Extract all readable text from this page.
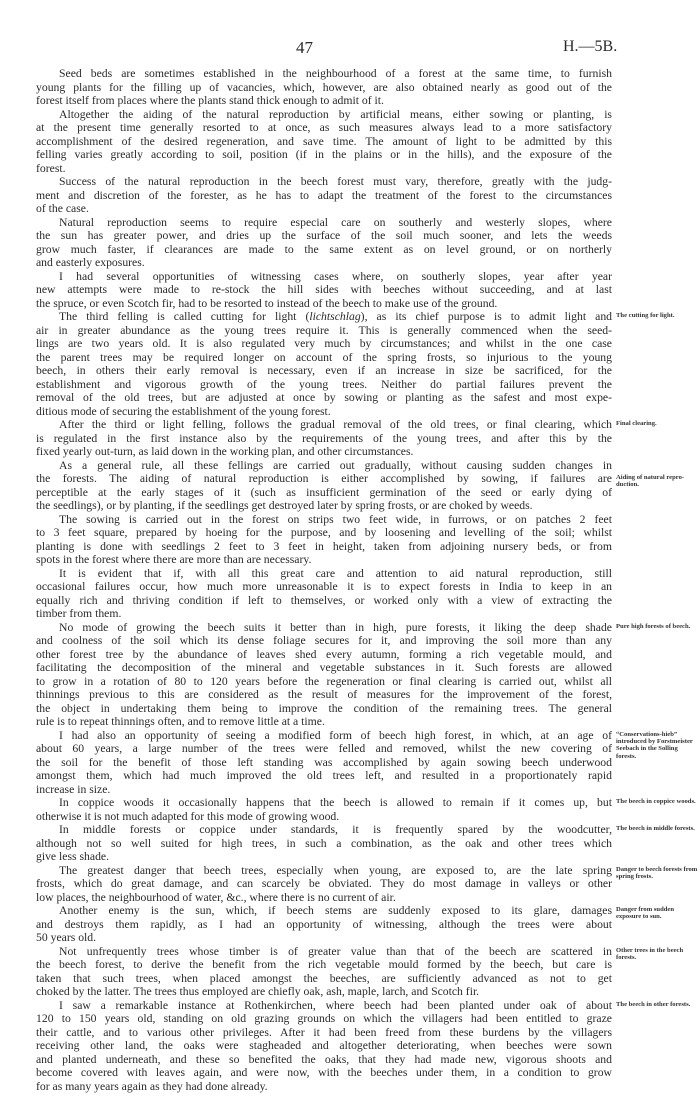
47	H.—5B.
Seed beds are sometimes established in the neighbourhood of a forest at the same time, to furnish
young plants for the filling up of vacancies, which, however, are also obtained nearly as good out of the
forest itself from places where the plants stand thick enough to admit of it.
Altogether the aiding of the natural reproduction by artificial means, either sowing or planting, is
at the present time generally resorted to at once, as such measures always lead to a more satisfactory
accomplishment of the desired regeneration, and save time. The amount of light to be admitted by this
felling varies greatly according to soil, position (if in the plains or in the hills), and the exposure of the
forest.
Success of the natural reproduction in the beech forest must vary, therefore, greatly with the judg-
ment and discretion of the forester, as he has to adapt the treatment of the forest to the circumstances
of the case.
Natural reproduction seems to require especial care on southerly and westerly slopes, where
the sun has greater power, and dries up the surface of the soil much sooner, and lets the weeds
grow much faster, if clearances are made to the same extent as on level ground, or on northerly
and easterly exposures.
I had several opportunities of witnessing cases where, on southerly slopes, year after year
new attempts were made to re-stock the hill sides with beeches without succeeding, and at last
the spruce, or even Scotch fir, had to be resorted to instead of the beech to make use of the ground.
The third felling is called cutting for light (lichtschlag), as its chief purpose is to admit light and
air in greater abundance as the young trees require it. This is generally commenced when the seed-
lings are two years old. It is also regulated very much by circumstances; and whilst in the one case
the parent trees may be required longer on account of the spring frosts, so injurious to the young
beech, in others their early removal is necessary, even if an increase in size be sacrificed, for the
establishment and vigorous growth of the young trees. Neither do partial failures prevent the
removal of the old trees, but are adjusted at once by sowing or planting as the safest and most expe-
ditious mode of securing the establishment of the young forest.
The cutting for light.
After the third or light felling, follows the gradual removal of the old trees, or final clearing, which
is regulated in the first instance also by the requirements of the young trees, and after this by the
fixed yearly out-turn, as laid down in the working plan, and other circumstances.
Final clearing.
As a general rule, all these fellings are carried out gradually, without causing sudden changes in
the forests. The aiding of natural reproduction is either accomplished by sowing, if failures are
perceptible at the early stages of it (such as insufficient germination of the seed or early dying of
the seedlings), or by planting, if the seedlings get destroyed later by spring frosts, or are choked by weeds.
Aiding of natural repro-duction.
The sowing is carried out in the forest on strips two feet wide, in furrows, or on patches 2 feet
to 3 feet square, prepared by hoeing for the purpose, and by loosening and levelling of the soil; whilst
planting is done with seedlings 2 feet to 3 feet in height, taken from adjoining nursery beds, or from
spots in the forest where there are more than are necessary.
It is evident that if, with all this great care and attention to aid natural reproduction, still
occasional failures occur, how much more unreasonable it is to expect forests in India to keep in an
equally rich and thriving condition if left to themselves, or worked only with a view of extracting the
timber from them.
No mode of growing the beech suits it better than in high, pure forests, it liking the deep shade
and coolness of the soil which its dense foliage secures for it, and improving the soil more than any
other forest tree by the abundance of leaves shed every autumn, forming a rich vegetable mould, and
facilitating the decomposition of the mineral and vegetable substances in it. Such forests are allowed
to grow in a rotation of 80 to 120 years before the regeneration or final clearing is carried out, whilst all
thinnings previous to this are considered as the result of measures for the improvement of the forest,
the object in undertaking them being to improve the condition of the remaining trees. The general
rule is to repeat thinnings often, and to remove little at a time.
Pure high forests of beech.
I had also an opportunity of seeing a modified form of beech high forest, in which, at an age of
about 60 years, a large number of the trees were felled and removed, whilst the new covering of
the soil for the benefit of those left standing was accomplished by again sowing beech underwood
amongst them, which had much improved the old trees left, and resulted in a proportionately rapid
increase in size.
“Conservations-hieb” introduced by Forstmeister Seebach in the Solling forests.
In coppice woods it occasionally happens that the beech is allowed to remain if it comes up, but
otherwise it is not much adapted for this mode of growing wood.
The beech in coppice woods.
In middle forests or coppice under standards, it is frequently spared by the woodcutter,
although not so well suited for high trees, in such a combination, as the oak and other trees which
give less shade.
The beech in middle forests.
The greatest danger that beech trees, especially when young, are exposed to, are the late spring
frosts, which do great damage, and can scarcely be obviated. They do most damage in valleys or other
low places, the neighbourhood of water, &c., where there is no current of air.
Danger to beech forests from spring frosts.
Another enemy is the sun, which, if beech stems are suddenly exposed to its glare, damages
and destroys them rapidly, as I had an opportunity of witnessing, although the trees were about
50 years old.
Danger from sudden exposure to sun.
Not unfrequently trees whose timber is of greater value than that of the beech are scattered in
the beech forest, to derive the benefit from the rich vegetable mould formed by the beech, but care is
taken that such trees, when placed amongst the beeches, are sufficiently advanced as not to get
choked by the latter. The trees thus employed are chiefly oak, ash, maple, larch, and Scotch fir.
Other trees in the beech forests.
I saw a remarkable instance at Rothenkirchen, where beech had been planted under oak of about
120 to 150 years old, standing on old grazing grounds on which the villagers had been entitled to graze
their cattle, and to various other privileges. After it had been freed from these burdens by the villagers
receiving other land, the oaks were stagheaded and altogether deteriorating, when beeches were sown
and planted underneath, and these so benefited the oaks, that they had made new, vigorous shoots and
become covered with leaves again, and were now, with the beeches under them, in a condition to grow
for as many years again as they had done already.
The beech in other forests.
